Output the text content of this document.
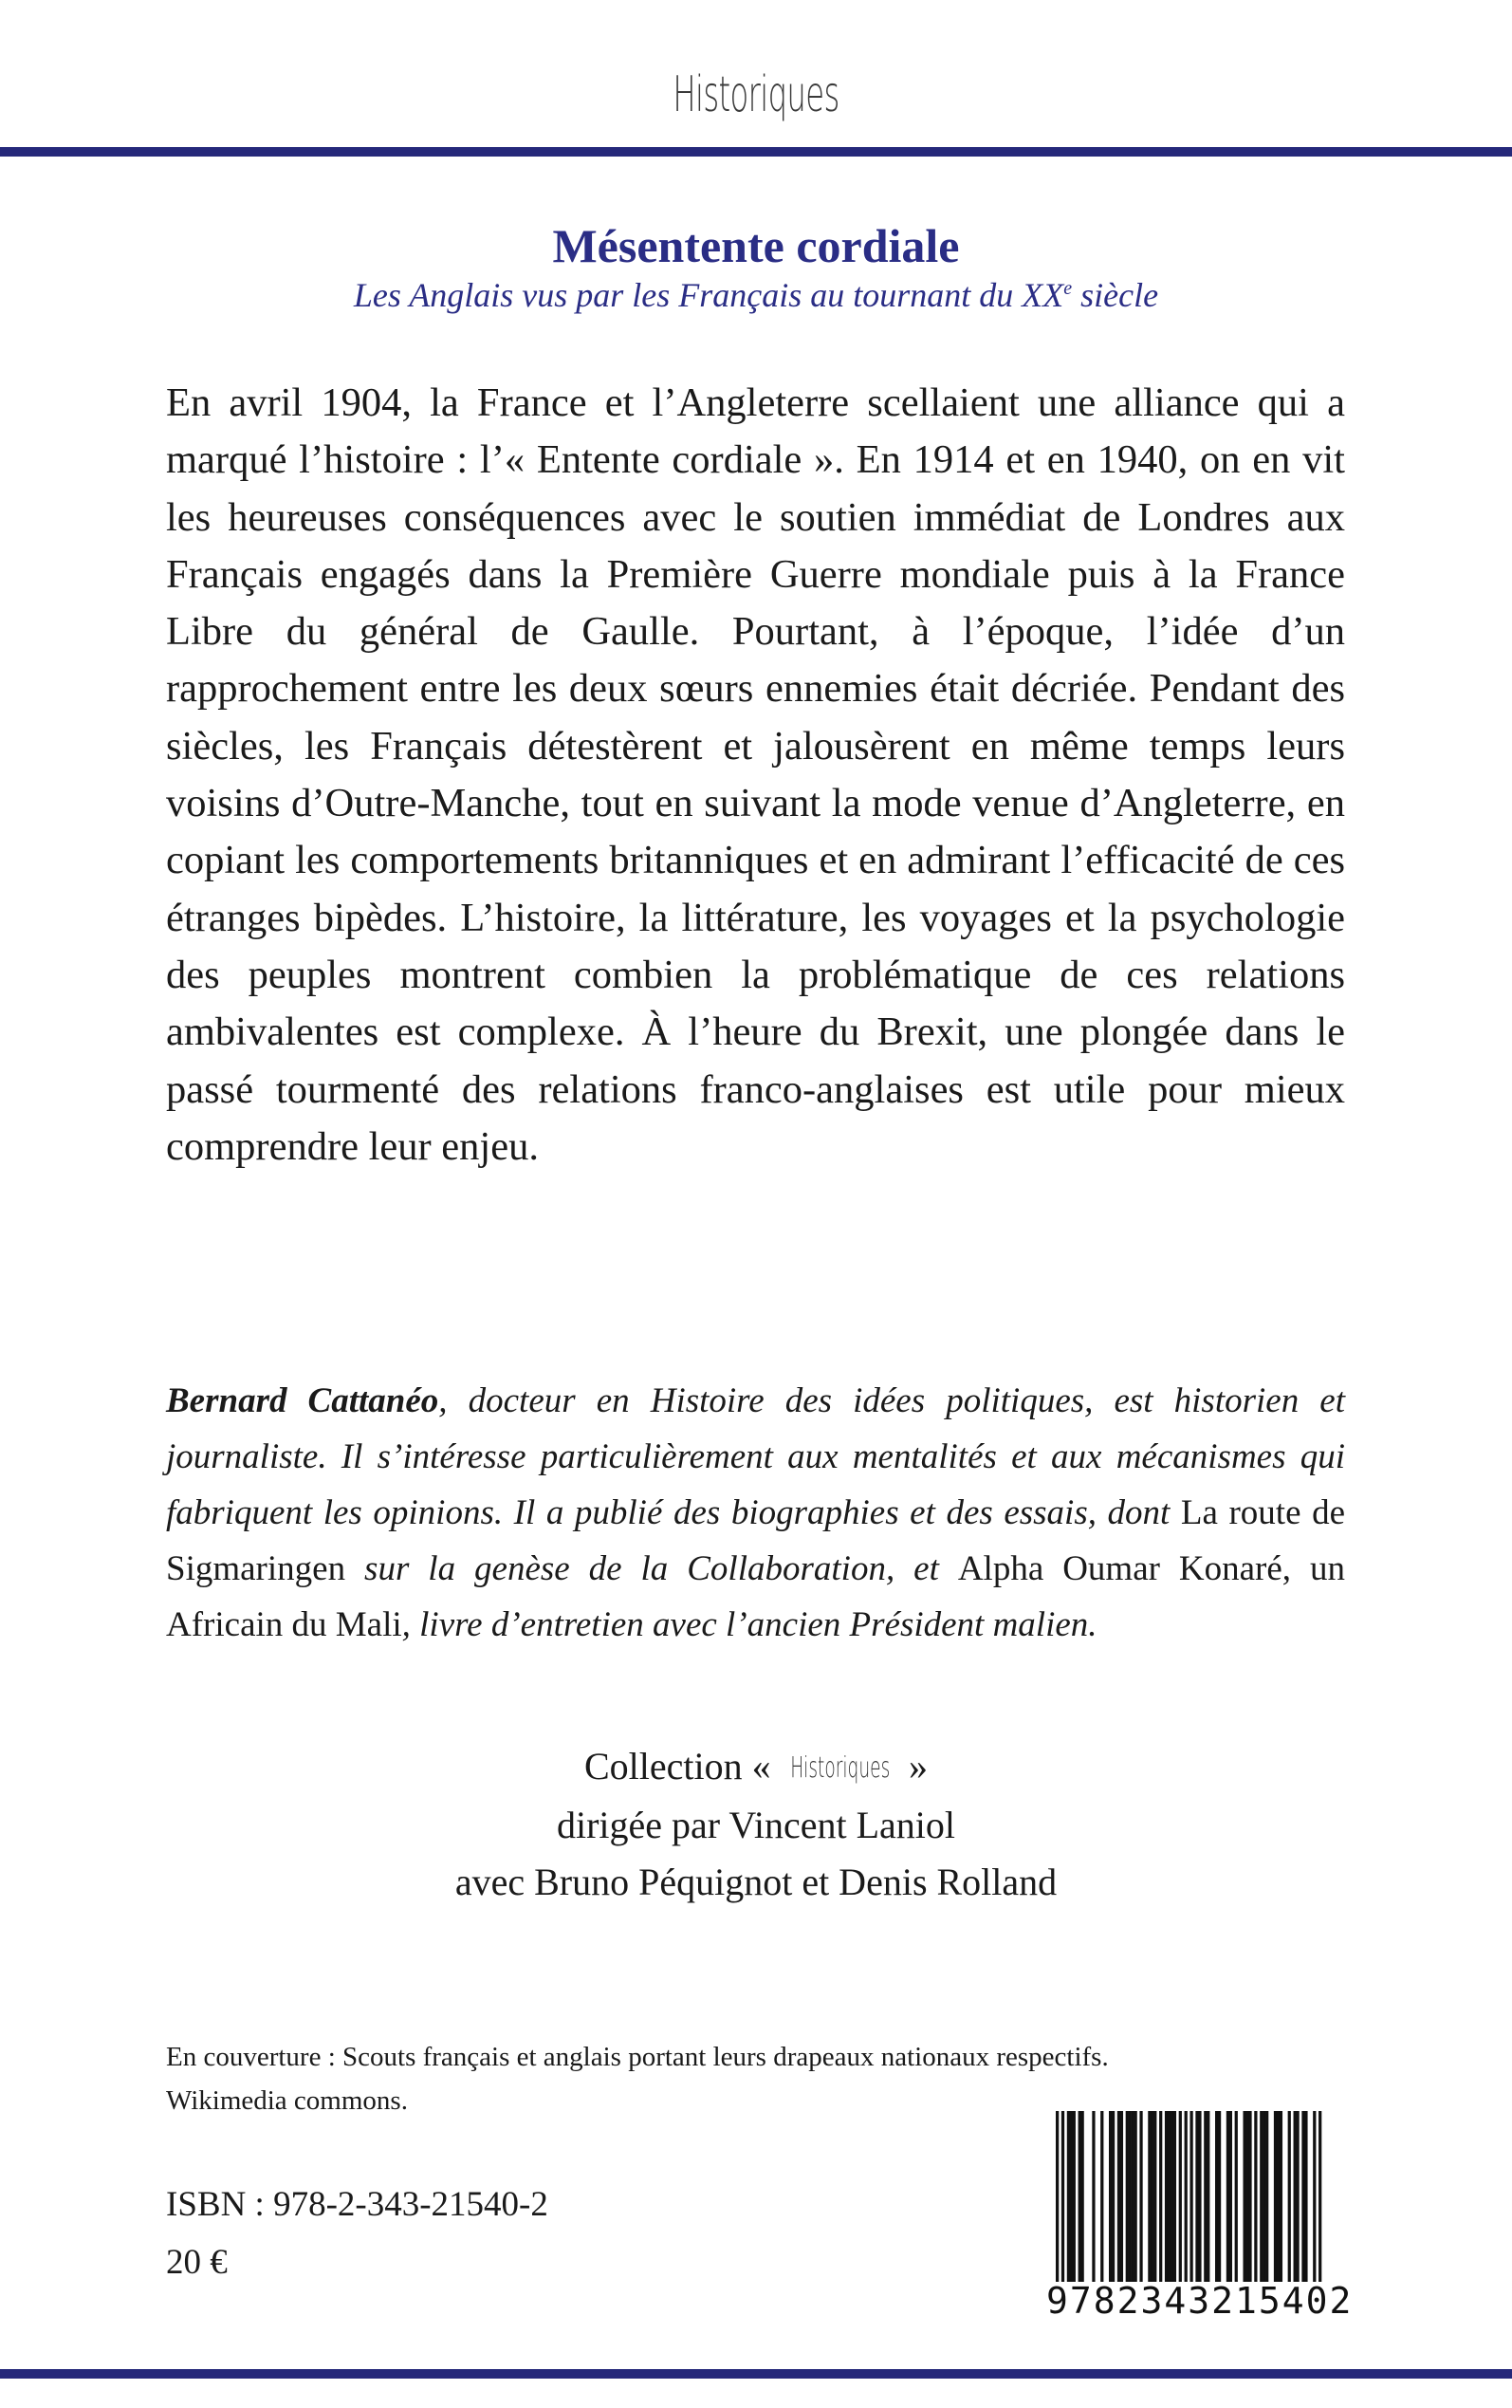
Historiques
Mésentente cordiale
Les Anglais vus par les Français au tournant du XXe siècle
En avril 1904, la France et l’Angleterre scellaient une alliance qui a marqué l’histoire : l’« Entente cordiale ». En 1914 et en 1940, on en vit les heureuses conséquences avec le soutien immédiat de Londres aux Français engagés dans la Première Guerre mondiale puis à la France Libre du général de Gaulle. Pourtant, à l’époque, l’idée d’un rapprochement entre les deux sœurs ennemies était décriée. Pendant des siècles, les Français détestèrent et jalousèrent en même temps leurs voisins d’Outre-Manche, tout en suivant la mode venue d’Angleterre, en copiant les comportements britanniques et en admirant l’efficacité de ces étranges bipèdes. L’histoire, la littérature, les voyages et la psychologie des peuples montrent combien la problématique de ces relations ambivalentes est complexe. À l’heure du Brexit, une plongée dans le passé tourmenté des relations franco-anglaises est utile pour mieux comprendre leur enjeu.
Bernard Cattanéo, docteur en Histoire des idées politiques, est historien et journaliste. Il s’intéresse particulièrement aux mentalités et aux mécanismes qui fabriquent les opinions. Il a publié des biographies et des essais, dont La route de Sigmaringen sur la genèse de la Collaboration, et Alpha Oumar Konaré, un Africain du Mali, livre d’entretien avec l’ancien Président malien.
Collection « Historiques »
dirigée par Vincent Laniol
avec Bruno Péquignot et Denis Rolland
En couverture : Scouts français et anglais portant leurs drapeaux nationaux respectifs.
Wikimedia commons.
ISBN : 978-2-343-21540-2
20 €
9782343215402
